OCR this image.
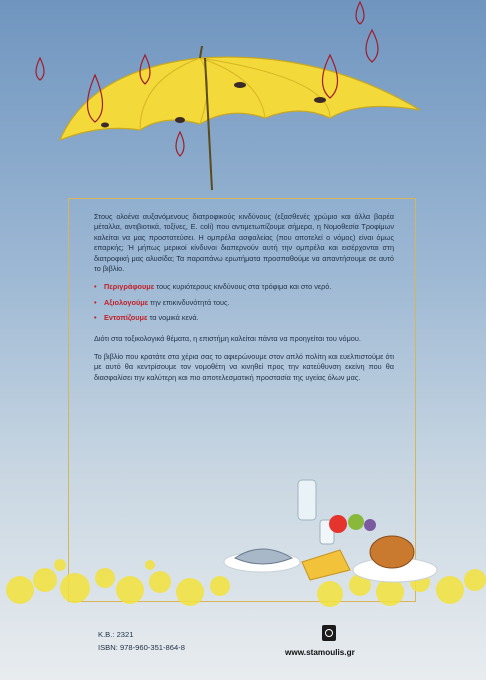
Στους ολοένα αυξανόμενους διατροφικούς κινδύνους (εξασθενές χρώμιο και άλλα βαρέα μέταλλα, αντιβιοτικά, τοξίνες, E. coli) που αντιμετωπίζουμε σήμερα, η Νομοθεσία Τροφίμων καλείται να μας προστατεύσει. Η ομπρέλα ασφαλείας (που αποτελεί ο νόμος) είναι όμως επαρκής; Ή μήπως μερικοί κίνδυνοι διαπερνούν αυτή την ομπρέλα και εισέρχονται στη διατροφική μας αλυσίδα; Τα παραπάνω ερωτήματα προσπαθούμε να απαντήσουμε σε αυτό το βιβλίο.

• Περιγράφουμε τους κυριότερους κινδύνους στα τρόφιμα και στο νερό.
• Αξιολογούμε την επικινδυνότητά τους.
• Εντοπίζουμε τα νομικά κενά.

Διότι στα τοξικολογικά θέματα, η επιστήμη καλείται πάντα να προηγείται του νόμου.

Το βιβλίο που κρατάτε στα χέρια σας το αφιερώνουμε στον απλό πολίτη και ευελπιστούμε ότι με αυτό θα κεντρίσουμε τον νομοθέτη να κινηθεί προς την κατεύθυνση εκείνη που θα διασφαλίσει την καλύτερη και πιο αποτελεσματική προστασία της υγείας όλων μας.

Κ.Β.: 2321
ISBN: 978-960-351-864-8
www.stamoulis.gr
